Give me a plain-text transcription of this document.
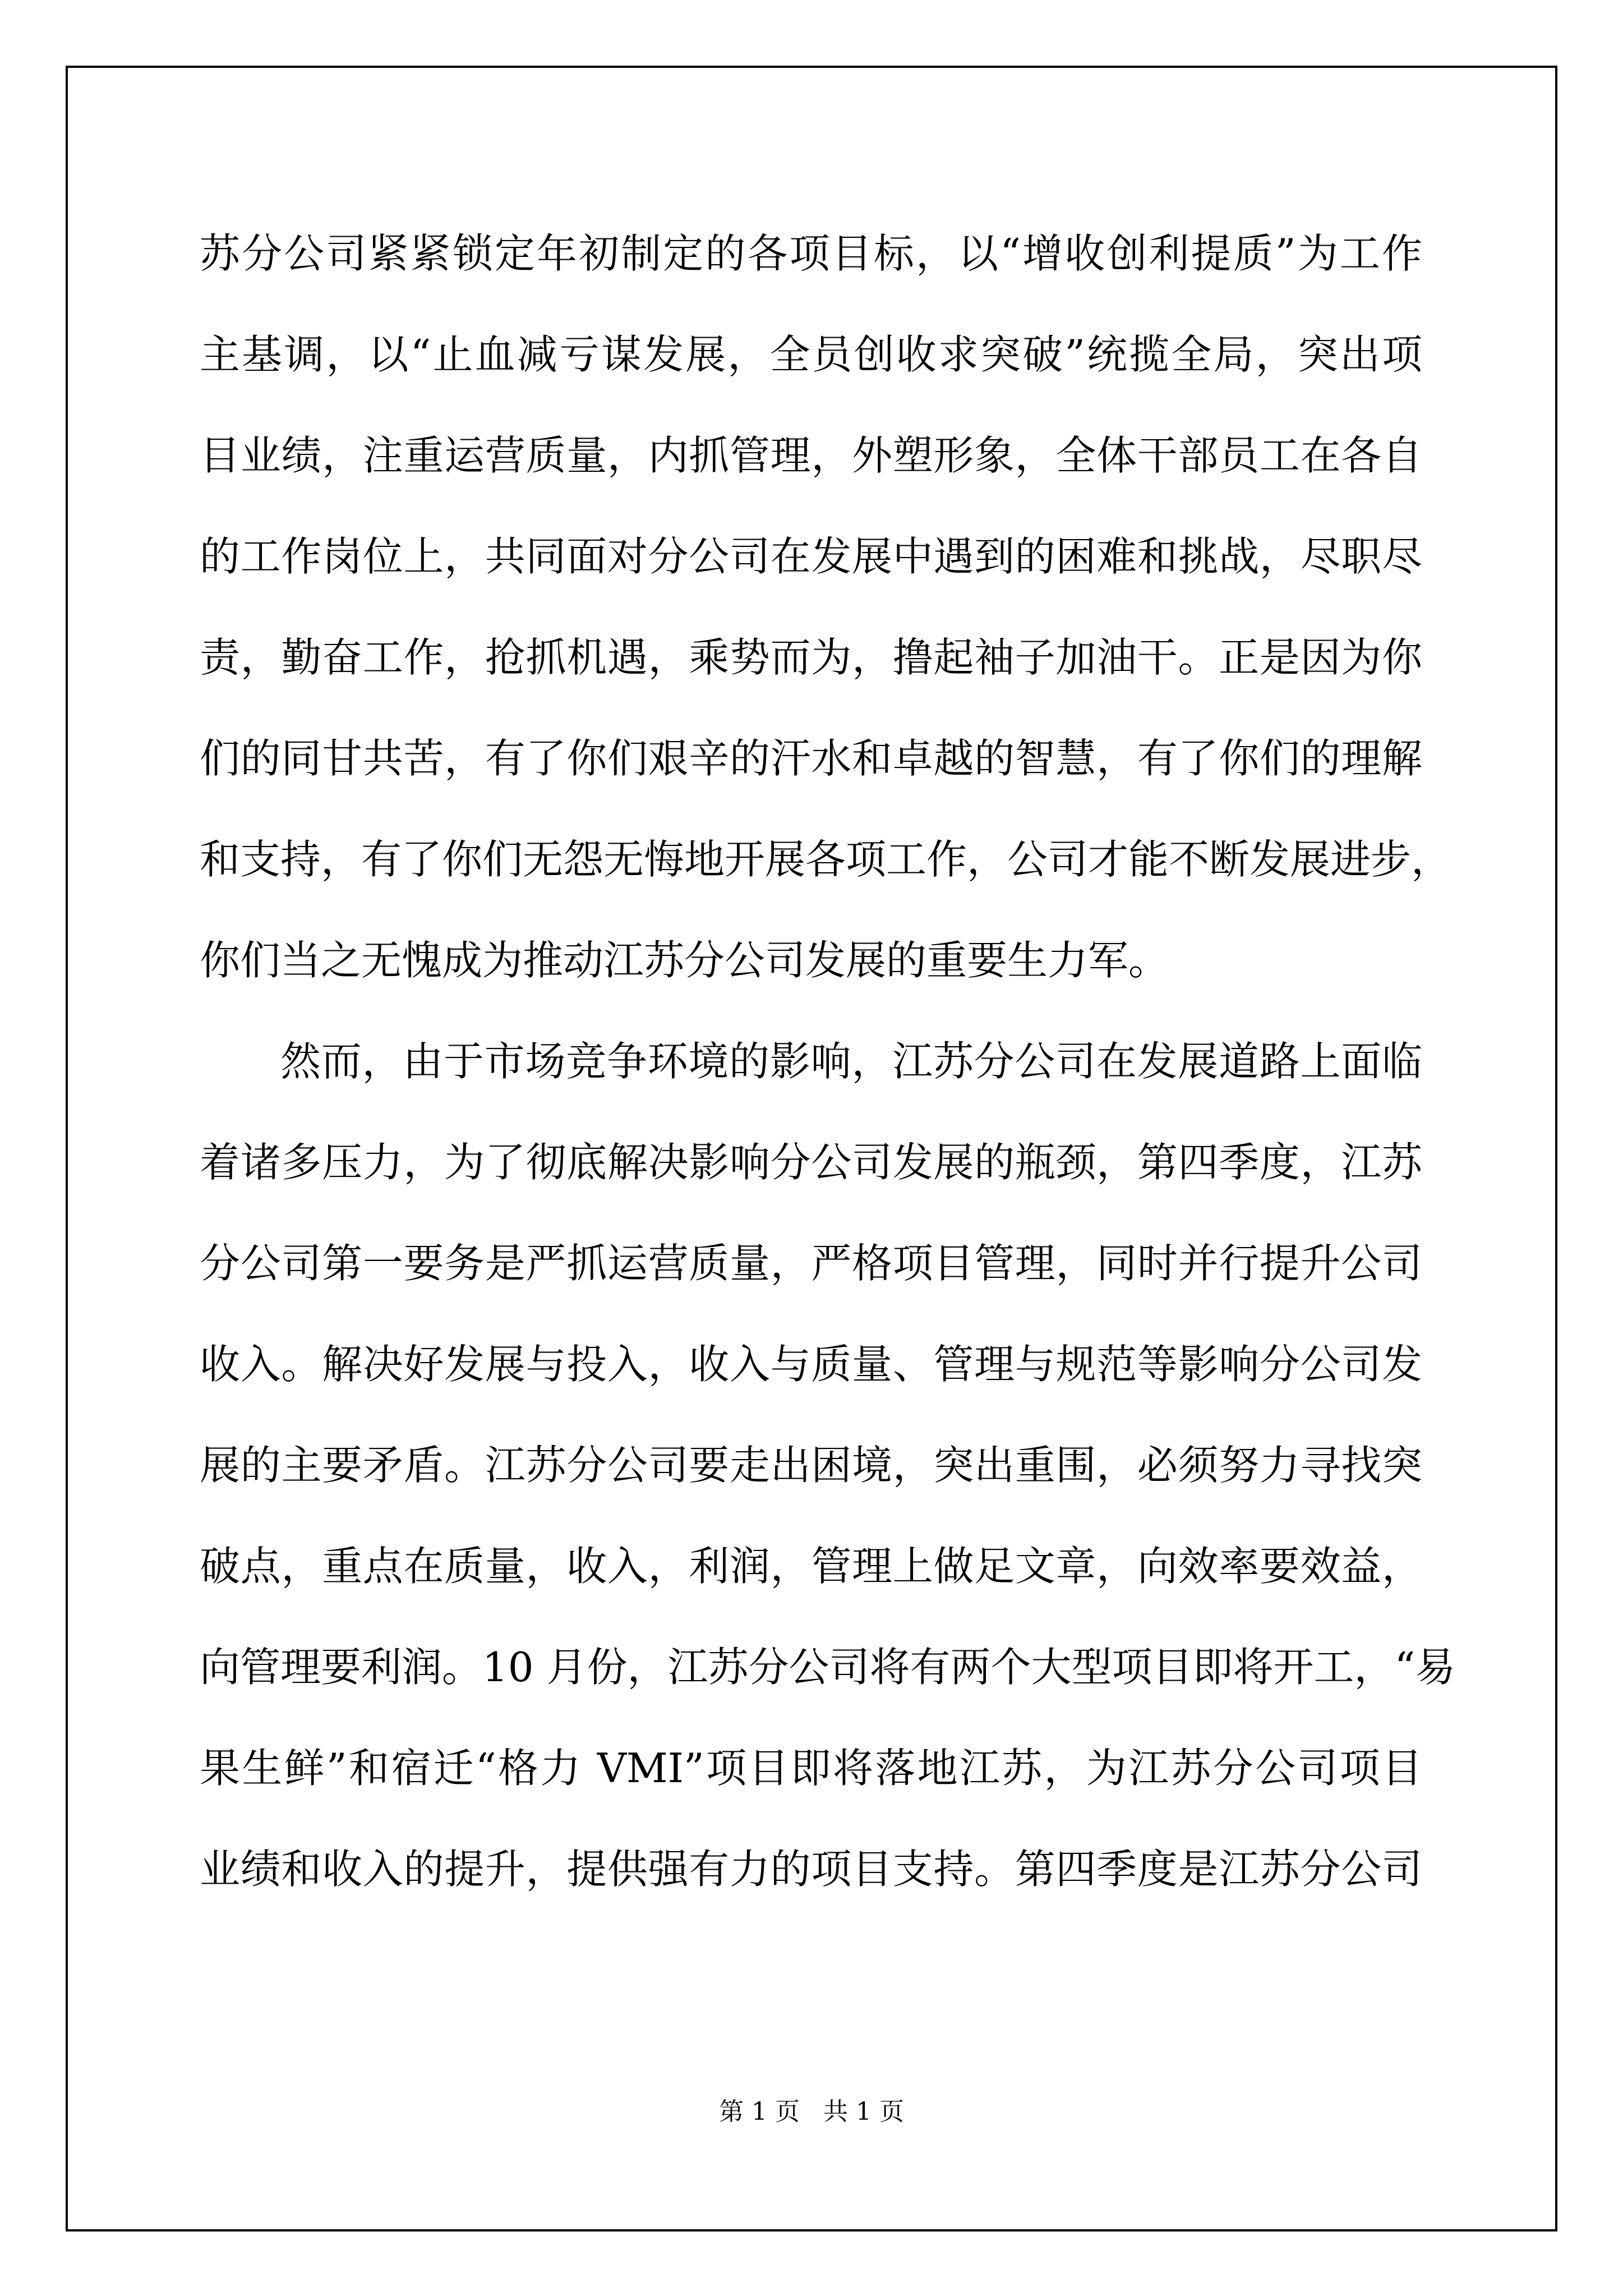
苏分公司紧紧锁定年初制定的各项目标，以“增收创利提质”为工作
主基调，以“止血减亏谋发展，全员创收求突破”统揽全局，突出项
目业绩，注重运营质量，内抓管理，外塑形象，全体干部员工在各自
的工作岗位上，共同面对分公司在发展中遇到的困难和挑战，尽职尽
责，勤奋工作，抢抓机遇，乘势而为，撸起袖子加油干。正是因为你
们的同甘共苦，有了你们艰辛的汗水和卓越的智慧，有了你们的理解
和支持，有了你们无怨无悔地开展各项工作，公司才能不断发展进步，
你们当之无愧成为推动江苏分公司发展的重要生力军。
然而，由于市场竞争环境的影响，江苏分公司在发展道路上面临
着诸多压力，为了彻底解决影响分公司发展的瓶颈，第四季度，江苏
分公司第一要务是严抓运营质量，严格项目管理，同时并行提升公司
收入。解决好发展与投入，收入与质量、管理与规范等影响分公司发
展的主要矛盾。江苏分公司要走出困境，突出重围，必须努力寻找突
破点，重点在质量，收入，利润，管理上做足文章，向效率要效益，
向管理要利润。10 月份，江苏分公司将有两个大型项目即将开工，“易
果生鲜”和宿迁“格力 VMI”项目即将落地江苏，为江苏分公司项目
业绩和收入的提升，提供强有力的项目支持。第四季度是江苏分公司
第 1 页 共 1 页
